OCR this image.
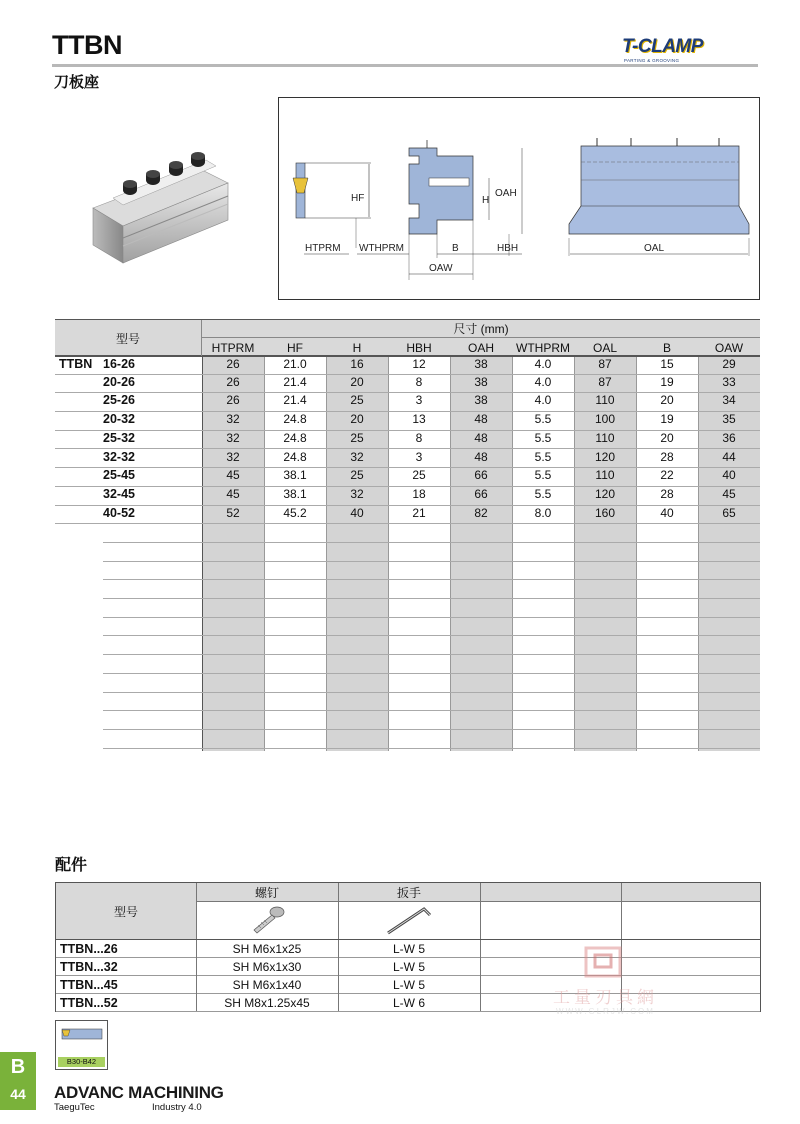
TTBN
刀板座
T-CLAMP
PARTING & GROOVING
HF	H
OAH
HTPRM WTHPRM	B	HBH
OAW
OAL
型号
尺寸 (mm)
HTPRM	HF	H	HBH	OAH	WTHPRM	OAL	B	OAW
TTBN 16-26	26	21.0	16	12	38	4.0	87	15	29
20-26	26	21.4	20	8	38	4.0	87	19	33
25-26	26	21.4	25	3	38	4.0	110	20	34
20-32	32	24.8	20	13	48	5.5	100	19	35
25-32	32	24.8	25	8	48	5.5	110	20	36
32-32	32	24.8	32	3	48	5.5	120	28	44
25-45	45	38.1	25	25	66	5.5	110	22	40
32-45	45	38.1	32	18	66	5.5	120	28	45
40-52	52	45.2	40	21	82	8.0	160	40	65
配件
型号
螺钉	扳手
TTBN...26	SH M6x1x25	L-W 5
TTBN...32	SH M6x1x30	L-W 5
TTBN...45	SH M6x1x40	L-W 5
TTBN...52	SH M8x1.25x45	L-W 6	工量刃具網
WWW.GLRJW.COM
B30-B42
B
44	ADVANC MACHINING
TaeguTec	Industry 4.0
